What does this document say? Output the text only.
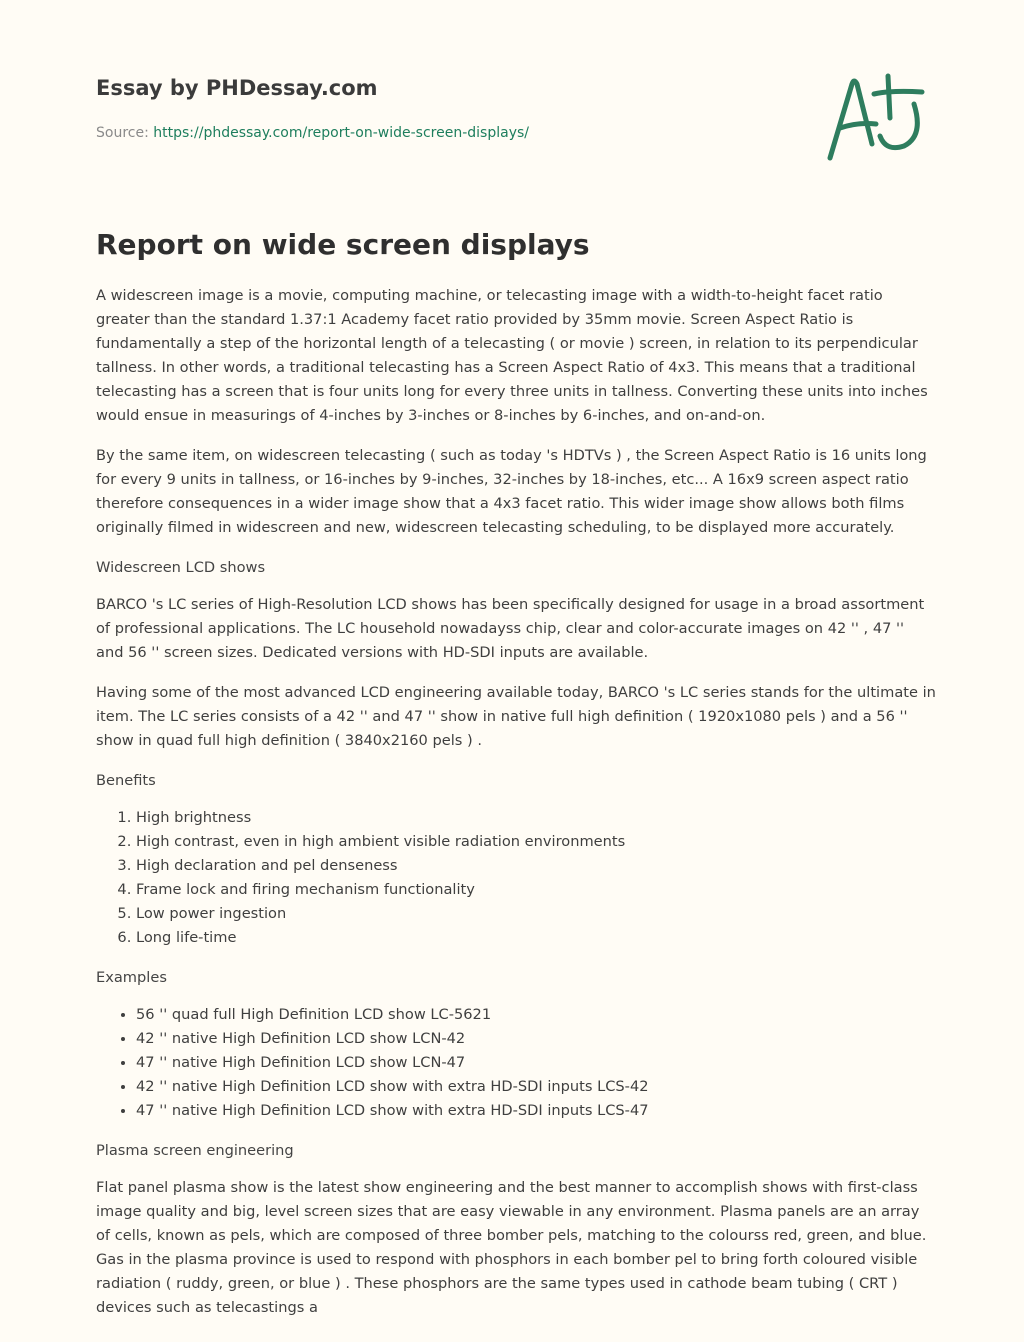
Essay by PHDessay.com
Source: https://phdessay.com/report-on-wide-screen-displays/
Report on wide screen displays

A widescreen image is a movie, computing machine, or telecasting image with a width-to-height facet ratio greater than the standard 1.37:1 Academy facet ratio provided by 35mm movie. Screen Aspect Ratio is fundamentally a step of the horizontal length of a telecasting ( or movie ) screen, in relation to its perpendicular tallness. In other words, a traditional telecasting has a Screen Aspect Ratio of 4x3. This means that a traditional telecasting has a screen that is four units long for every three units in tallness. Converting these units into inches would ensue in measurings of 4-inches by 3-inches or 8-inches by 6-inches, and on-and-on.

By the same item, on widescreen telecasting ( such as today 's HDTVs ) , the Screen Aspect Ratio is 16 units long for every 9 units in tallness, or 16-inches by 9-inches, 32-inches by 18-inches, etc... A 16x9 screen aspect ratio therefore consequences in a wider image show that a 4x3 facet ratio. This wider image show allows both films originally filmed in widescreen and new, widescreen telecasting scheduling, to be displayed more accurately.

Widescreen LCD shows

BARCO 's LC series of High-Resolution LCD shows has been specifically designed for usage in a broad assortment of professional applications. The LC household nowadayss chip, clear and color-accurate images on 42 '' , 47 '' and 56 '' screen sizes. Dedicated versions with HD-SDI inputs are available.

Having some of the most advanced LCD engineering available today, BARCO 's LC series stands for the ultimate in item. The LC series consists of a 42 '' and 47 '' show in native full high definition ( 1920x1080 pels ) and a 56 '' show in quad full high definition ( 3840x2160 pels ) .

Benefits
1. High brightness
2. High contrast, even in high ambient visible radiation environments
3. High declaration and pel denseness
4. Frame lock and firing mechanism functionality
5. Low power ingestion
6. Long life-time
Examples
• 56 '' quad full High Definition LCD show LC-5621
• 42 '' native High Definition LCD show LCN-42
• 47 '' native High Definition LCD show LCN-47
• 42 '' native High Definition LCD show with extra HD-SDI inputs LCS-42
• 47 '' native High Definition LCD show with extra HD-SDI inputs LCS-47
Plasma screen engineering

Flat panel plasma show is the latest show engineering and the best manner to accomplish shows with first-class image quality and big, level screen sizes that are easy viewable in any environment. Plasma panels are an array of cells, known as pels, which are composed of three bomber pels, matching to the colourss red, green, and blue. Gas in the plasma province is used to respond with phosphors in each bomber pel to bring forth coloured visible radiation ( ruddy, green, or blue ) . These phosphors are the same types used in cathode beam tubing ( CRT ) devices such as telecastings a
